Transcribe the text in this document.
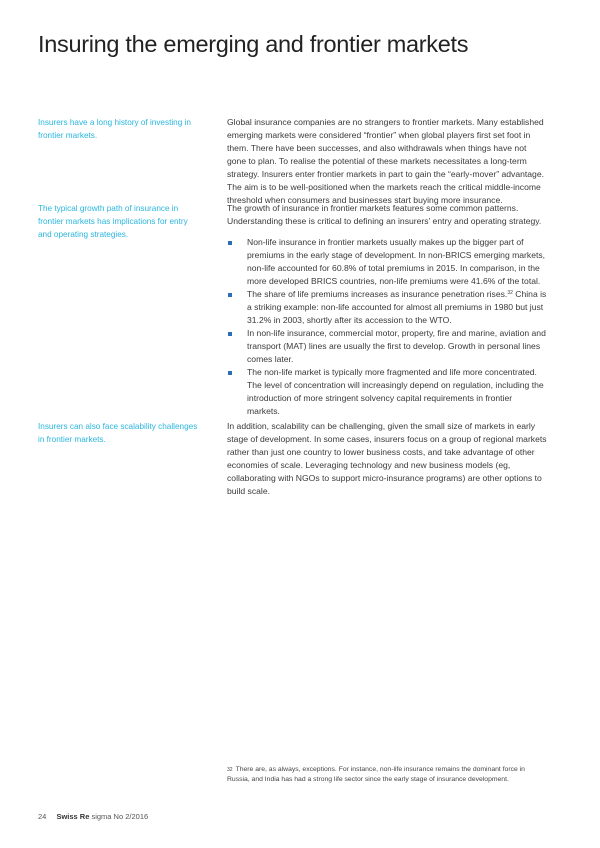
Insuring the emerging and frontier markets
Insurers have a long history of investing in frontier markets.

Global insurance companies are no strangers to frontier markets. Many established emerging markets were considered “frontier” when global players first set foot in them. There have been successes, and also withdrawals when things have not gone to plan. To realise the potential of these markets necessitates a long-term strategy. Insurers enter frontier markets in part to gain the “early-mover” advantage. The aim is to be well-positioned when the markets reach the critical middle-income threshold when consumers and businesses start buying more insurance.

The typical growth path of insurance in frontier markets has implications for entry and operating strategies.

The growth of insurance in frontier markets features some common patterns. Understanding these is critical to defining an insurers’ entry and operating strategy.

Non-life insurance in frontier markets usually makes up the bigger part of premiums in the early stage of development. In non-BRICS emerging markets, non-life accounted for 60.8% of total premiums in 2015. In comparison, in the more developed BRICS countries, non-life premiums were 41.6% of the total.
The share of life premiums increases as insurance penetration rises.$^{32}$ China is a striking example: non-life accounted for almost all premiums in 1980 but just 31.2% in 2003, shortly after its accession to the WTO.
In non-life insurance, commercial motor, property, fire and marine, aviation and transport (MAT) lines are usually the first to develop. Growth in personal lines comes later.
The non-life market is typically more fragmented and life more concentrated. The level of concentration will increasingly depend on regulation, including the introduction of more stringent solvency capital requirements in frontier markets.
Insurers can also face scalability challenges in frontier markets.

In addition, scalability can be challenging, given the small size of markets in early stage of development. In some cases, insurers focus on a group of regional markets rather than just one country to lower business costs, and take advantage of other economies of scale. Leveraging technology and new business models (eg, collaborating with NGOs to support micro-insurance programs) are other options to build scale.

$^{32}$ There are, as always, exceptions. For instance, non-life insurance remains the dominant force in Russia, and India has had a strong life sector since the early stage of insurance development.
24 Swiss Re sigma No 2/2016
